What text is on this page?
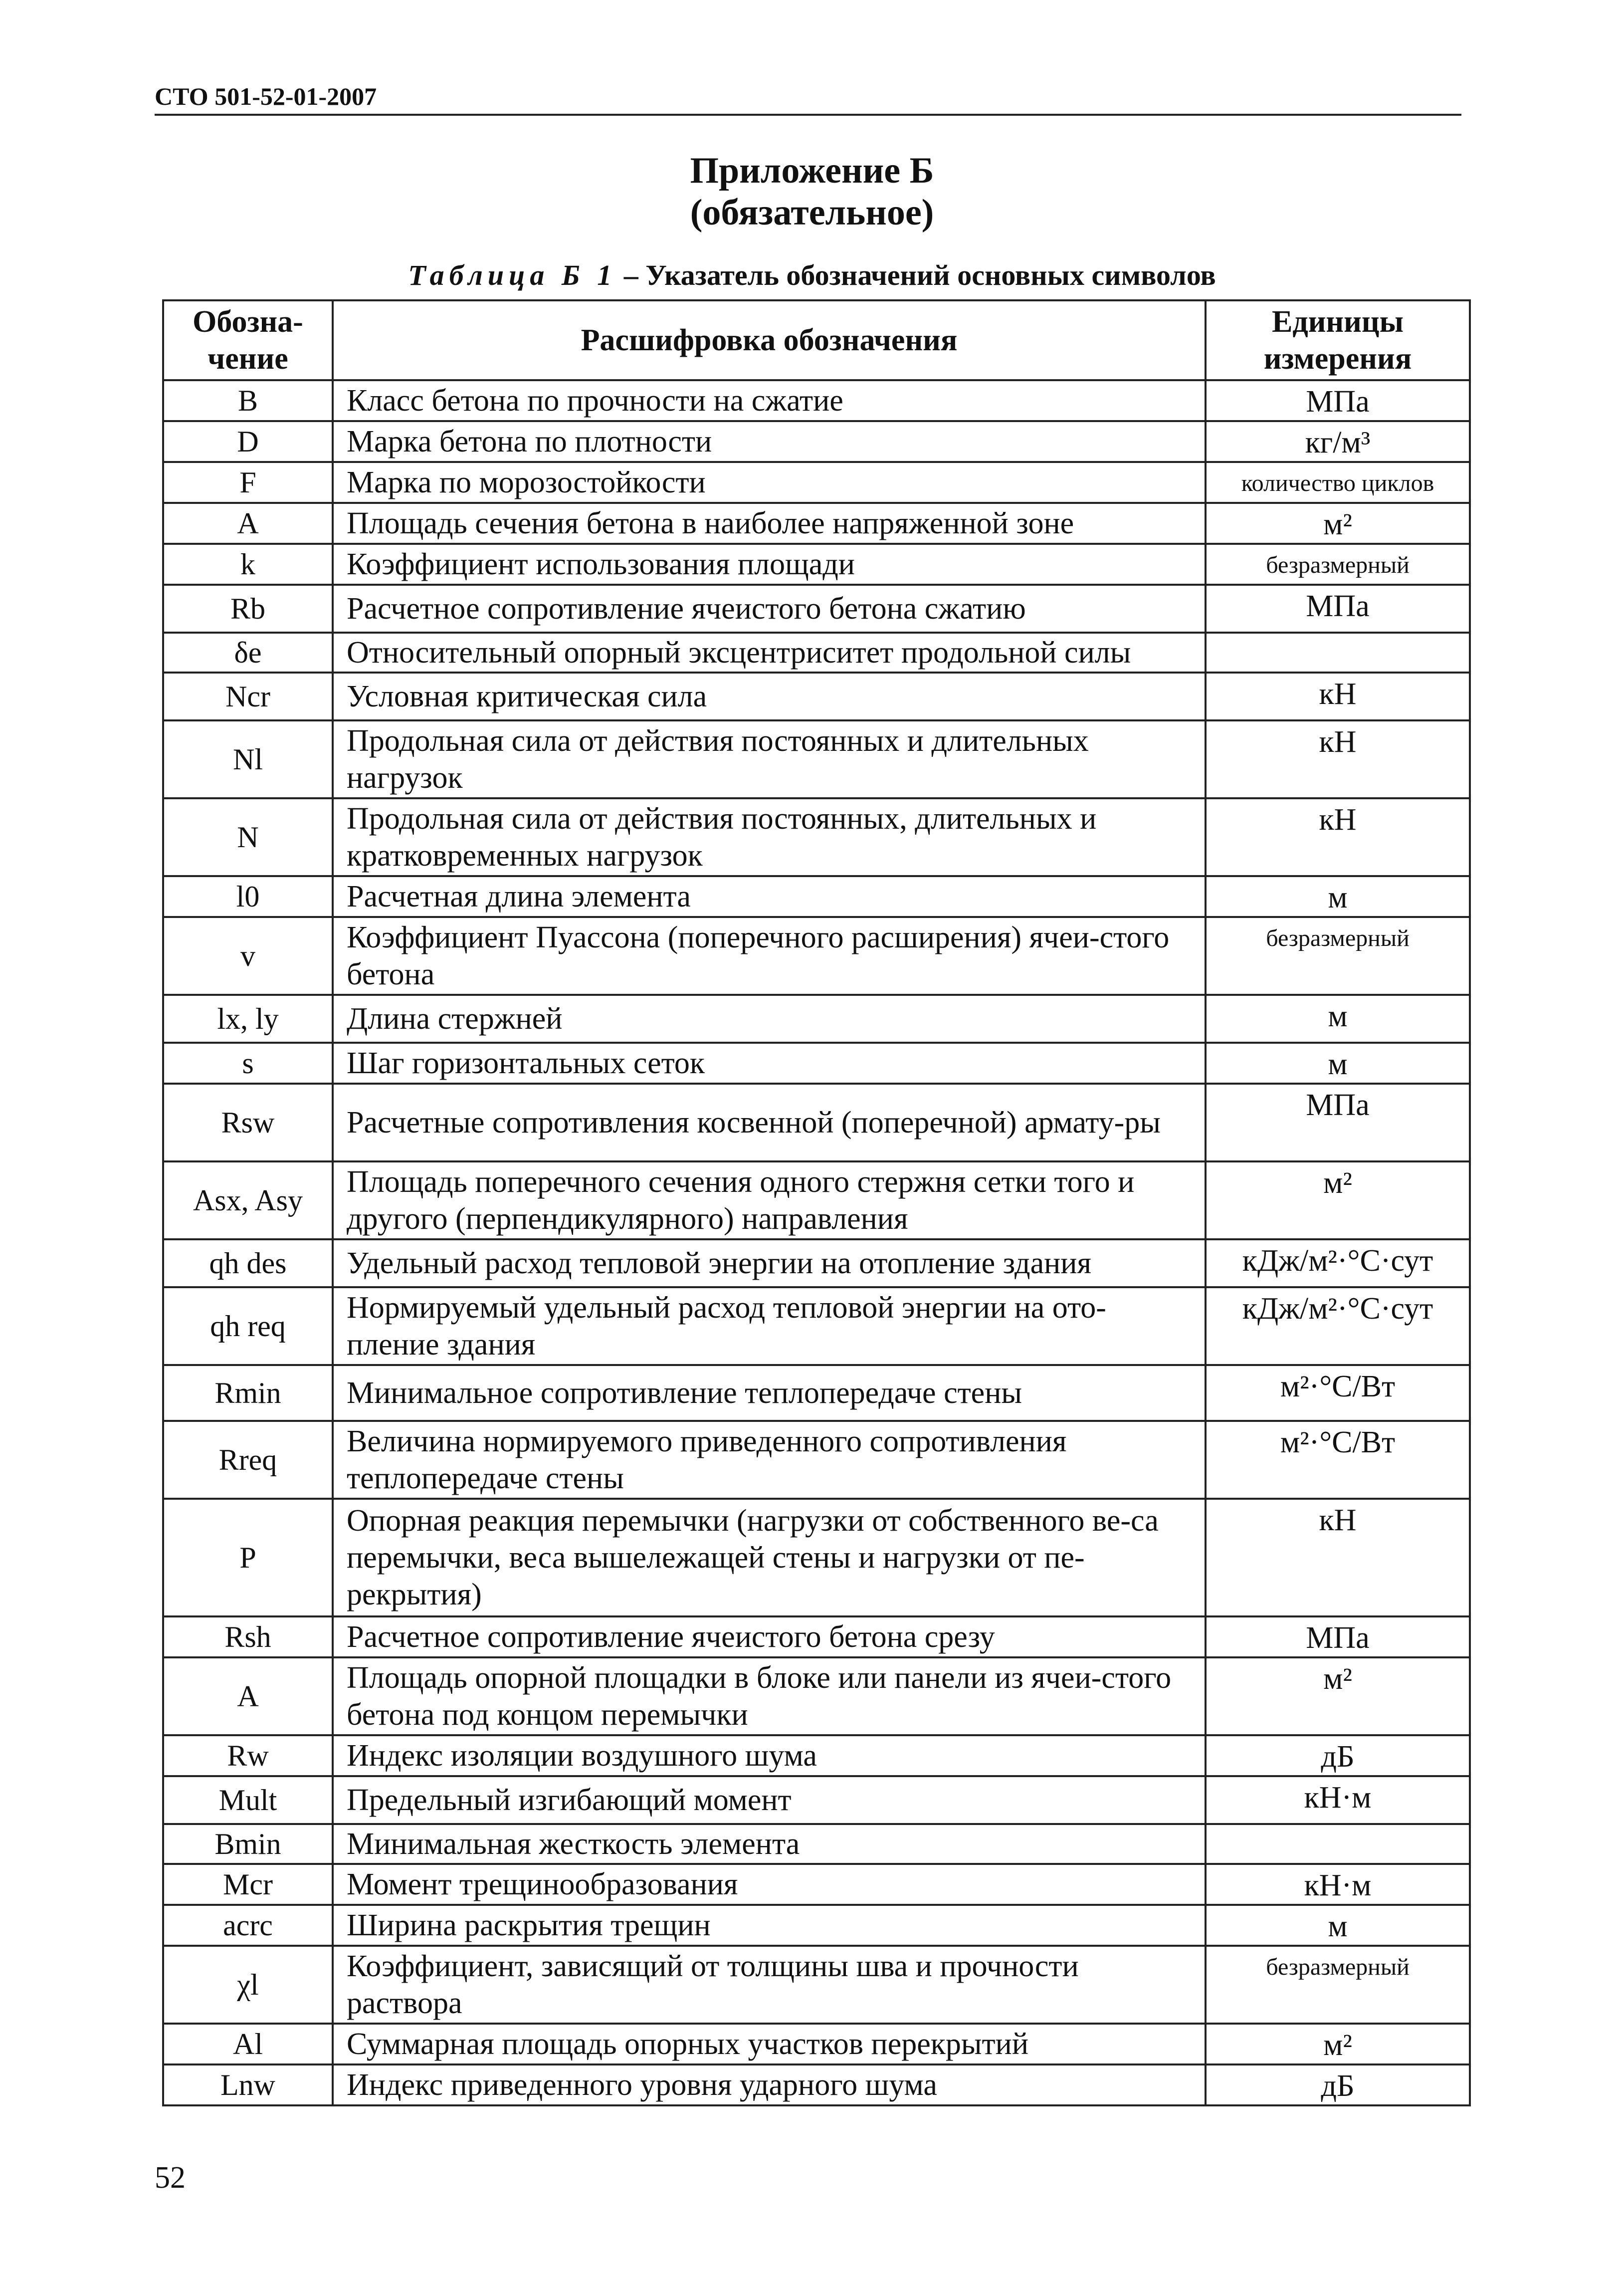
СТО 501-52-01-2007
Приложение Б
(обязательное)
Таблица Б 1 – Указатель обозначений основных символов
Обозна-чение	Расшифровка обозначения	Единицы измерения
B	Класс бетона по прочности на сжатие	МПа
D	Марка бетона по плотности	кг/м³
F	Марка по морозостойкости	количество циклов
A	Площадь сечения бетона в наиболее напряженной зоне	м²
k	Коэффициент использования площади	безразмерный
Rb	Расчетное сопротивление ячеистого бетона сжатию	МПа
δe	Относительный опорный эксцентриситет продольной силы	
Ncr	Условная критическая сила	кН
Nl	Продольная сила от действия постоянных и длительных нагрузок	кН
N	Продольная сила от действия постоянных, длительных и кратковременных нагрузок	кН
l0	Расчетная длина элемента	м
v	Коэффициент Пуассона (поперечного расширения) ячеи-стого бетона	безразмерный
lx, ly	Длина стержней	м
s	Шаг горизонтальных сеток	м
Rsw	Расчетные сопротивления косвенной (поперечной) армату-ры	МПа
Asx, Asy	Площадь поперечного сечения одного стержня сетки того и другого (перпендикулярного) направления	м²
qh des	Удельный расход тепловой энергии на отопление здания	кДж/м²·°С·сут
qh req	Нормируемый удельный расход тепловой энергии на ото-пление здания	кДж/м²·°С·сут
Rmin	Минимальное сопротивление теплопередаче стены	м²·°С/Вт
Rreq	Величина нормируемого приведенного сопротивления теплопередаче стены	м²·°С/Вт
P	Опорная реакция перемычки (нагрузки от собственного ве-са перемычки, веса вышележащей стены и нагрузки от пе-рекрытия)	кН
Rsh	Расчетное сопротивление ячеистого бетона срезу	МПа
A	Площадь опорной площадки в блоке или панели из ячеи-стого бетона под концом перемычки	м²
Rw	Индекс изоляции воздушного шума	дБ
Mult	Предельный изгибающий момент	кН·м
Bmin	Минимальная жесткость элемента	
Mcr	Момент трещинообразования	кН·м
acrc	Ширина раскрытия трещин	м
χl	Коэффициент, зависящий от толщины шва и прочности раствора	безразмерный
Al	Суммарная площадь опорных участков перекрытий	м²
Lnw	Индекс приведенного уровня ударного шума	дБ
52
